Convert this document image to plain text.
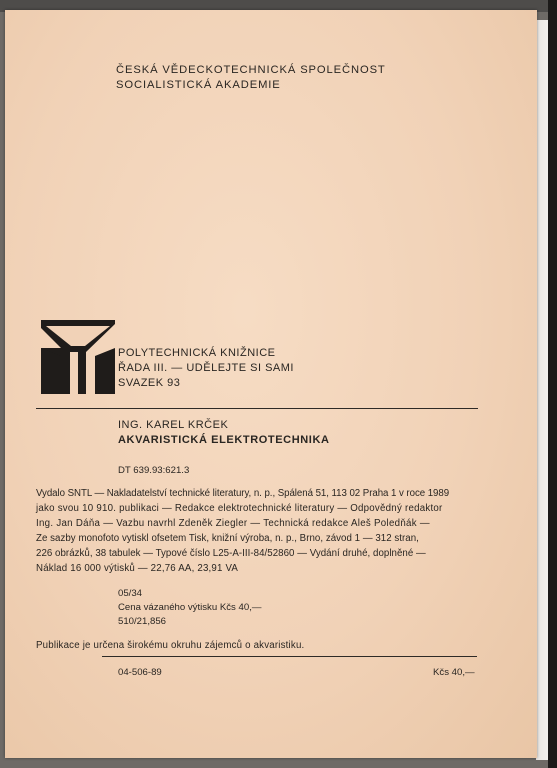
ČESKÁ VĚDECKOTECHNICKÁ SPOLEČNOST

SOCIALISTICKÁ AKADEMIE

POLYTECHNICKÁ KNIŽNICE

ŘADA III. — UDĚLEJTE SI SAMI

SVAZEK 93

ING. KAREL KRČEK

AKVARISTICKÁ ELEKTROTECHNIKA

DT 639.93:621.3

Vydalo SNTL — Nakladatelství technické literatury, n. p., Spálená 51, 113 02 Praha 1 v roce 1989

jako svou 10 910. publikaci — Redakce elektrotechnické literatury — Odpovědný redaktor

Ing. Jan Dáňa — Vazbu navrhl Zdeněk Ziegler — Technická redakce Aleš Poledňák —

Ze sazby monofoto vytiskl ofsetem Tisk, knižní výroba, n. p., Brno, závod 1 — 312 stran,

226 obrázků, 38 tabulek — Typové číslo L25-A-III-84/52860 — Vydání druhé, doplněné —

Náklad 16 000 výtisků — 22,76 AA, 23,91 VA

05/34

Cena vázaného výtisku Kčs 40,—

510/21,856

Publikace je určena širokému okruhu zájemců o akvaristiku.

04-506-89	Kčs 40,—
